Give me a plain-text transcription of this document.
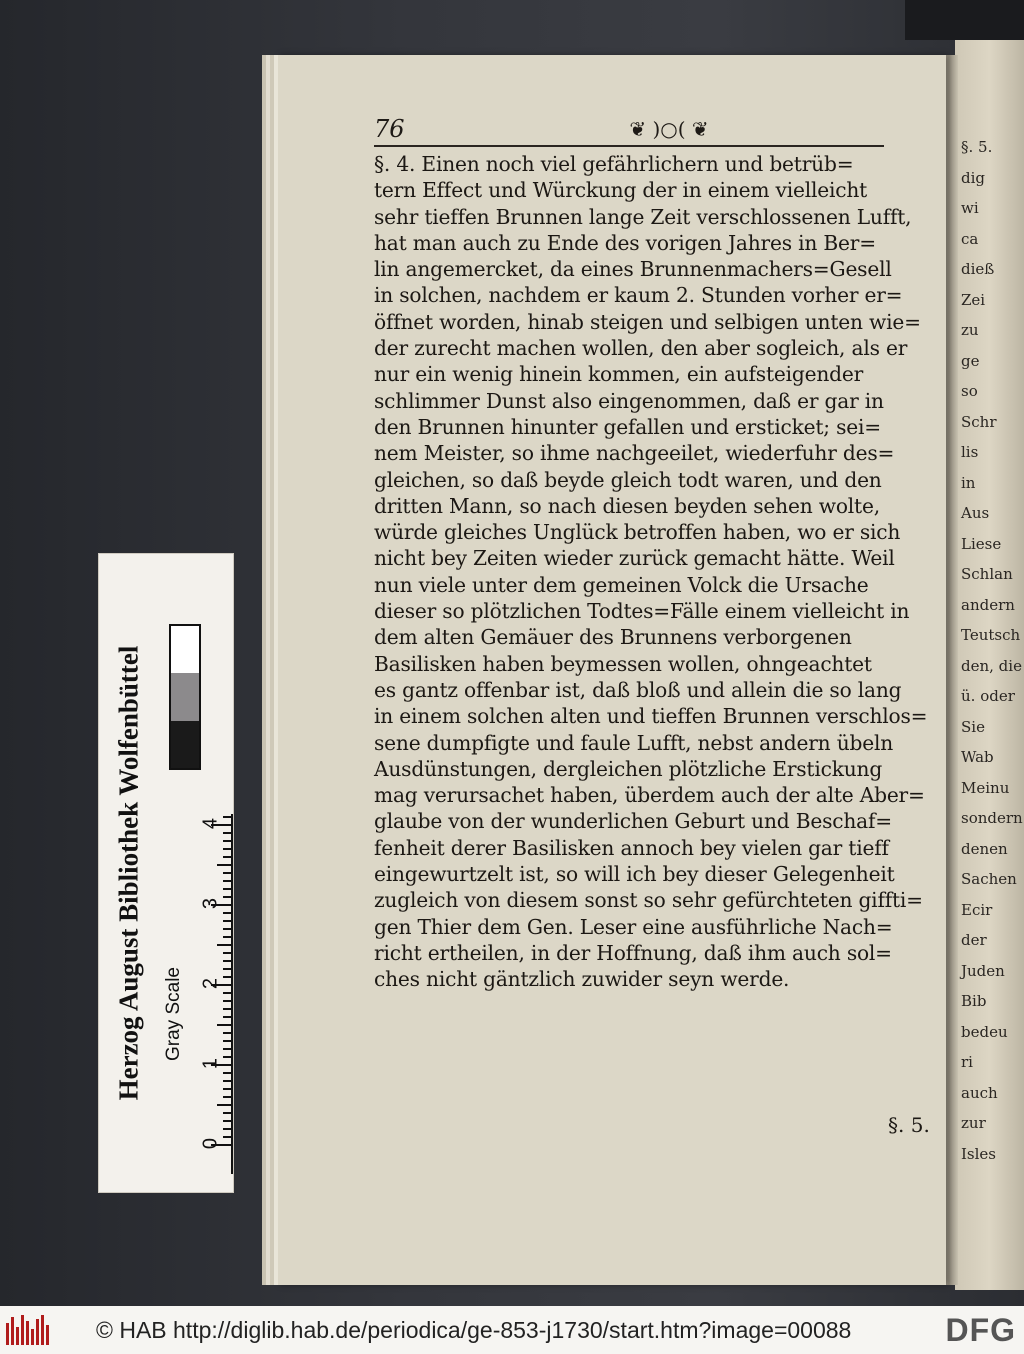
§. 5.
dig
wi
ca
dieß
Zei
zu
ge
so
Schr
lis
in
Aus
Liese
Schlan
andern
Teutsch
den, die
ü. oder
Sie
Wab
Meinu
sondern
denen
Sachen
Ecir
der
Juden
Bib
bedeu
ri
auch
zur
Isles
76	❦ )○( ❦
§. 4. Einen noch viel gefährlichern und betrüb=
tern Effect und Würckung der in einem vielleicht
sehr tieffen Brunnen lange Zeit verschlossenen Lufft,
hat man auch zu Ende des vorigen Jahres in Ber=
lin angemercket, da eines Brunnenmachers=Gesell
in solchen, nachdem er kaum 2. Stunden vorher er=
öffnet worden, hinab steigen und selbigen unten wie=
der zurecht machen wollen, den aber sogleich, als er
nur ein wenig hinein kommen, ein aufsteigender
schlimmer Dunst also eingenommen, daß er gar in
den Brunnen hinunter gefallen und ersticket; sei=
nem Meister, so ihme nachgeeilet, wiederfuhr des=
gleichen, so daß beyde gleich todt waren, und den
dritten Mann, so nach diesen beyden sehen wolte,
würde gleiches Unglück betroffen haben, wo er sich
nicht bey Zeiten wieder zurück gemacht hätte. Weil
nun viele unter dem gemeinen Volck die Ursache
dieser so plötzlichen Todtes=Fälle einem vielleicht in
dem alten Gemäuer des Brunnens verborgenen
Basilisken haben beymessen wollen, ohngeachtet
es gantz offenbar ist, daß bloß und allein die so lang
in einem solchen alten und tieffen Brunnen verschlos=
sene dumpfigte und faule Lufft, nebst andern übeln
Ausdünstungen, dergleichen plötzliche Erstickung
mag verursachet haben, überdem auch der alte Aber=
glaube von der wunderlichen Geburt und Beschaf=
fenheit derer Basilisken annoch bey vielen gar tieff
eingewurtzelt ist, so will ich bey dieser Gelegenheit
zugleich von diesem sonst so sehr gefürchteten giffti=
gen Thier dem Gen. Leser eine ausführliche Nach=
richt ertheilen, in der Hoffnung, daß ihm auch sol=
ches nicht gäntzlich zuwider seyn werde.
§. 5.
Herzog August Bibliothek Wolfenbüttel
0
1
2
3
4
Gray Scale
© HAB http://diglib.hab.de/periodica/ge-853-j1730/start.htm?image=00088	DFG
